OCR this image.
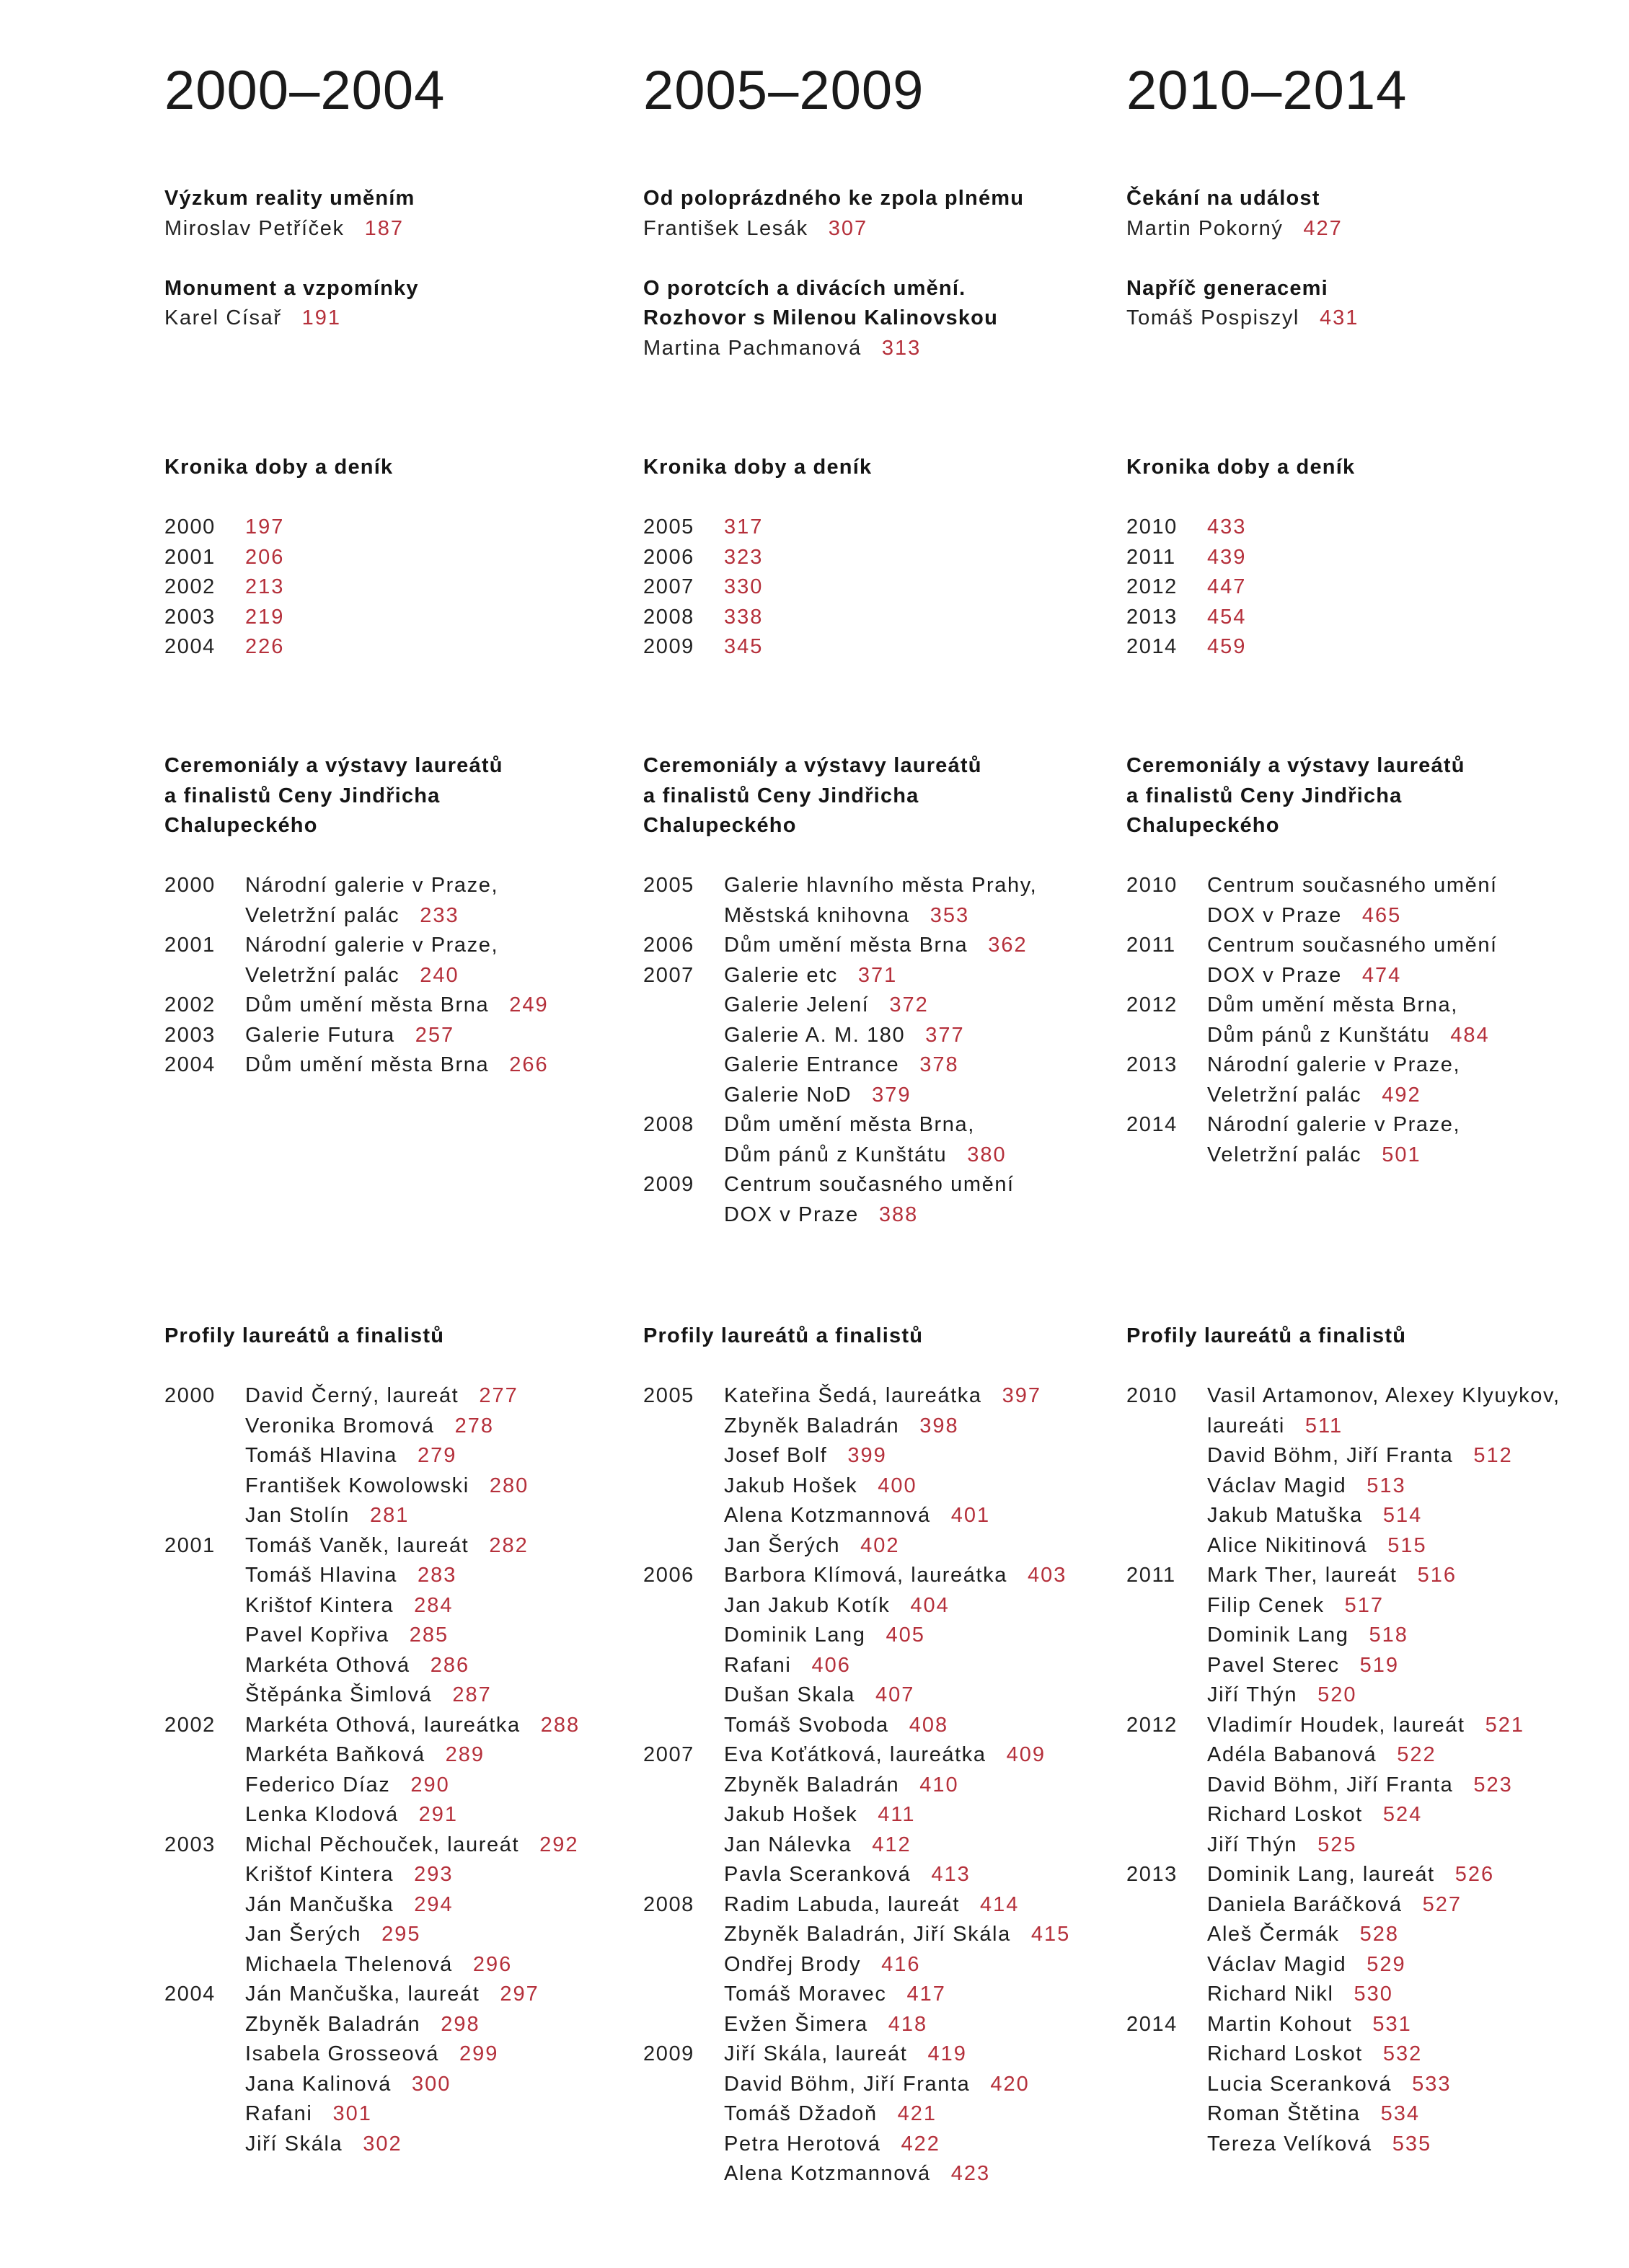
2000–2004
Výzkum reality uměním
Miroslav Petříček 187
Monument a vzpomínky
Karel Císař 191
Kronika doby a deník
2000	197
2001	206
2002	213
2003	219
2004	226
Ceremoniály a výstavy laureátů
a finalistů Ceny Jindřicha
Chalupeckého
2000	Národní galerie v Praze,
Veletržní palác 233
2001	Národní galerie v Praze,
Veletržní palác 240
2002	Dům umění města Brna 249
2003	Galerie Futura 257
2004	Dům umění města Brna 266
Profily laureátů a finalistů
2000	David Černý, laureát 277
Veronika Bromová 278
Tomáš Hlavina 279
František Kowolowski 280
Jan Stolín 281
2001	Tomáš Vaněk, laureát 282
Tomáš Hlavina 283
Krištof Kintera 284
Pavel Kopřiva 285
Markéta Othová 286
Štěpánka Šimlová 287
2002	Markéta Othová, laureátka 288
Markéta Baňková 289
Federico Díaz 290
Lenka Klodová 291
2003	Michal Pěchouček, laureát 292
Krištof Kintera 293
Ján Mančuška 294
Jan Šerých 295
Michaela Thelenová 296
2004	Ján Mančuška, laureát 297
Zbyněk Baladrán 298
Isabela Grosseová 299
Jana Kalinová 300
Rafani 301
Jiří Skála 302
2005–2009
Od poloprázdného ke zpola plnému
František Lesák 307
O porotcích a divácích umění.
Rozhovor s Milenou Kalinovskou
Martina Pachmanová 313
Kronika doby a deník
2005	317
2006	323
2007	330
2008	338
2009	345
Ceremoniály a výstavy laureátů
a finalistů Ceny Jindřicha
Chalupeckého
2005	Galerie hlavního města Prahy,
Městská knihovna 353
2006	Dům umění města Brna 362
2007	Galerie etc 371
Galerie Jelení 372
Galerie A. M. 180 377
Galerie Entrance 378
Galerie NoD 379
2008	Dům umění města Brna,
Dům pánů z Kunštátu 380
2009	Centrum současného umění
DOX v Praze 388
Profily laureátů a finalistů
2005	Kateřina Šedá, laureátka 397
Zbyněk Baladrán 398
Josef Bolf 399
Jakub Hošek 400
Alena Kotzmannová 401
Jan Šerých 402
2006	Barbora Klímová, laureátka 403
Jan Jakub Kotík 404
Dominik Lang 405
Rafani 406
Dušan Skala 407
Tomáš Svoboda 408
2007	Eva Koťátková, laureátka 409
Zbyněk Baladrán 410
Jakub Hošek 411
Jan Nálevka 412
Pavla Sceranková 413
2008	Radim Labuda, laureát 414
Zbyněk Baladrán, Jiří Skála 415
Ondřej Brody 416
Tomáš Moravec 417
Evžen Šimera 418
2009	Jiří Skála, laureát 419
David Böhm, Jiří Franta 420
Tomáš Džadoň 421
Petra Herotová 422
Alena Kotzmannová 423
2010–2014
Čekání na událost
Martin Pokorný 427
Napříč generacemi
Tomáš Pospiszyl 431
Kronika doby a deník
2010	433
2011	439
2012	447
2013	454
2014	459
Ceremoniály a výstavy laureátů
a finalistů Ceny Jindřicha
Chalupeckého
2010	Centrum současného umění
DOX v Praze 465
2011	Centrum současného umění
DOX v Praze 474
2012	Dům umění města Brna,
Dům pánů z Kunštátu 484
2013	Národní galerie v Praze,
Veletržní palác 492
2014	Národní galerie v Praze,
Veletržní palác 501
Profily laureátů a finalistů
2010	Vasil Artamonov, Alexey Klyuykov,
laureáti 511
David Böhm, Jiří Franta 512
Václav Magid 513
Jakub Matuška 514
Alice Nikitinová 515
2011	Mark Ther, laureát 516
Filip Cenek 517
Dominik Lang 518
Pavel Sterec 519
Jiří Thýn 520
2012	Vladimír Houdek, laureát 521
Adéla Babanová 522
David Böhm, Jiří Franta 523
Richard Loskot 524
Jiří Thýn 525
2013	Dominik Lang, laureát 526
Daniela Baráčková 527
Aleš Čermák 528
Václav Magid 529
Richard Nikl 530
2014	Martin Kohout 531
Richard Loskot 532
Lucia Sceranková 533
Roman Štětina 534
Tereza Velíková 535
